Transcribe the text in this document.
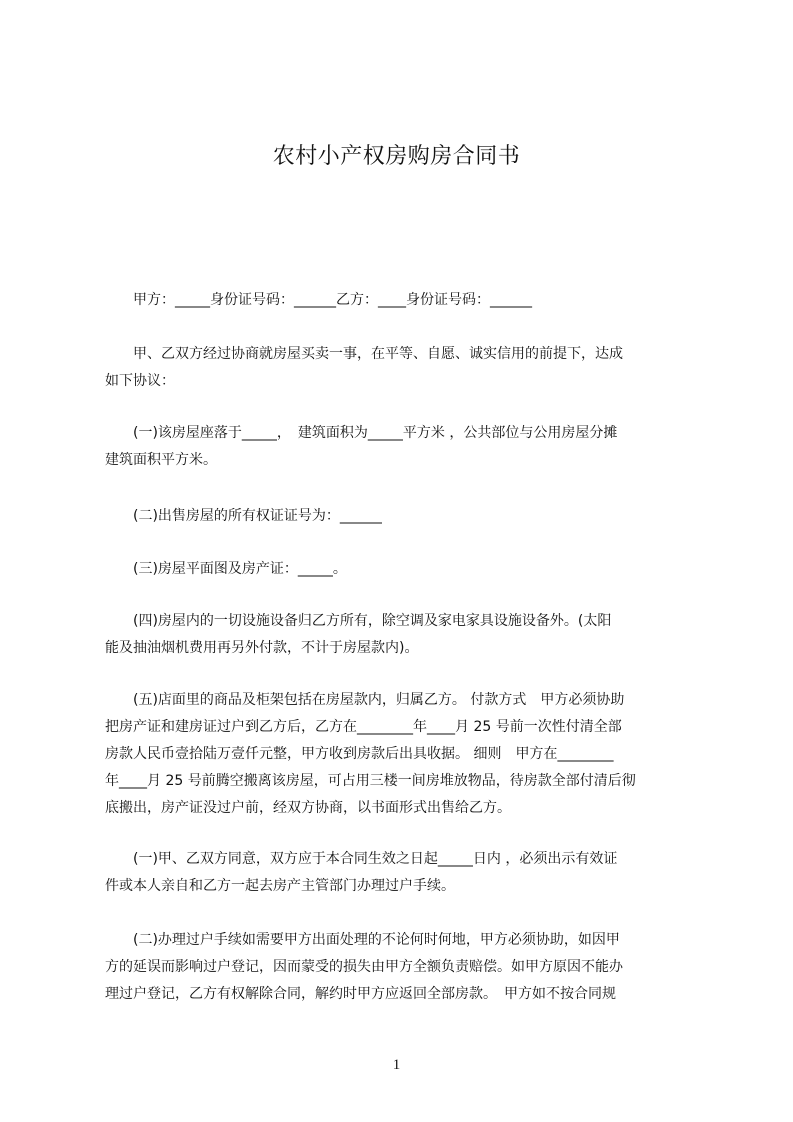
农村小产权房购房合同书
　　甲方：_____身份证号码：______乙方：____身份证号码：______
　　甲、乙双方经过协商就房屋买卖一事，在平等、自愿、诚实信用的前提下，达成
如下协议：
　　(一)该房屋座落于_____，　建筑面积为_____平方米 ，公共部位与公用房屋分摊
建筑面积平方米。
　　(二)出售房屋的所有权证证号为：______
　　(三)房屋平面图及房产证：_____。
　　(四)房屋内的一切设施设备归乙方所有，除空调及家电家具设施设备外。(太阳
能及抽油烟机费用再另外付款，不计于房屋款内)。
　　(五)店面里的商品及柜架包括在房屋款内，归属乙方。 付款方式　甲方必须协助
把房产证和建房证过户到乙方后，乙方在________年____月 25 号前一次性付清全部
房款人民币壹拾陆万壹仟元整，甲方收到房款后出具收据。 细则　甲方在________
年____月 25 号前腾空搬离该房屋，可占用三楼一间房堆放物品，待房款全部付清后彻
底搬出，房产证没过户前，经双方协商，以书面形式出售给乙方。
　　(一)甲、乙双方同意，双方应于本合同生效之日起_____日内 ，必须出示有效证
件或本人亲自和乙方一起去房产主管部门办理过户手续。
　　(二)办理过户手续如需要甲方出面处理的不论何时何地，甲方必须协助，如因甲
方的延误而影响过户登记，因而蒙受的损失由甲方全额负责赔偿。如甲方原因不能办
理过户登记，乙方有权解除合同，解约时甲方应返回全部房款。　甲方如不按合同规
1
